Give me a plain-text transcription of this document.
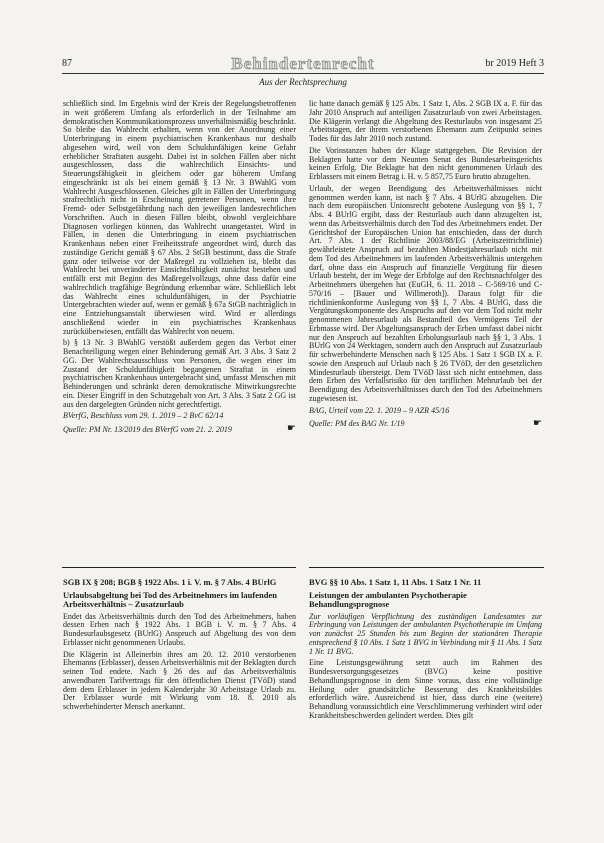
87	Behindertenrecht	br 2019 Heft 3
Aus der Rechtsprechung

schließlich sind. Im Ergebnis wird der Kreis der Regelungsbetroffenen in weit größerem Umfang als erforderlich in der Teilnahme am demokratischen Kommunikationsprozess unverhältnismäßig beschränkt. So bleibe das Wahlrecht erhalten, wenn von der Anordnung einer Unterbringung in einem psychiatrischen Krankenhaus nur deshalb abgesehen wird, weil von dem Schuldunfähigen keine Gefahr erheblicher Straftaten ausgeht. Dabei ist in solchen Fällen aber nicht ausgeschlossen, dass die wahlrechtlich Einsichts- und Steuerungsfähigkeit in gleichem oder gar höherem Umfang eingeschränkt ist als bei einem gemäß § 13 Nr. 3 BWahlG vom Wahlrecht Ausgeschlossenen. Gleiches gilt in Fällen der Unterbringung strafrechtlich nicht in Erscheinung getretener Personen, wenn ihre Fremd- oder Selbstgefährdung nach den jeweiligen landesrechtlichen Vorschriften. Auch in diesen Fällen bleibt, obwohl vergleichbare Diagnosen vorliegen können, das Wahlrecht unangetastet. Wird in Fällen, in denen die Unterbringung in einem psychiatrischen Krankenhaus neben einer Freiheitsstrafe angeordnet wird, durch das zuständige Gericht gemäß § 67 Abs. 2 StGB bestimmt, dass die Strafe ganz oder teilweise vor der Maßregel zu vollziehen ist, bleibt das Wahlrecht bei unveränderter Einsichtsfähigkeit zunächst bestehen und entfällt erst mit Beginn des Maßregelvollzugs, ohne dass dafür eine wahlrechtlich tragfähige Begründung erkennbar wäre. Schließlich lebt das Wahlrecht eines schuldunfähigen, in der Psychiatrie Untergebrachten wieder auf, wenn er gemäß § 67a StGB nachträglich in eine Entziehungsanstalt überwiesen wird. Wird er allerdings anschließend wieder in ein psychiatrisches Krankenhaus zurücküberwiesen, entfällt das Wahlrecht von neuem.

b) § 13 Nr. 3 BWahlG verstößt außerdem gegen das Verbot einer Benachteiligung wegen einer Behinderung gemäß Art. 3 Abs. 3 Satz 2 GG. Der Wahlrechtsausschluss von Personen, die wegen einer im Zustand der Schuldunfähigkeit begangenen Straftat in einem psychiatrischen Krankenhaus untergebracht sind, umfasst Menschen mit Behinderungen und schränkt deren demokratische Mitwirkungsrechte ein. Dieser Eingriff in den Schutzgehalt von Art. 3 Abs. 3 Satz 2 GG ist aus den dargelegten Gründen nicht gerechtfertigt.

BVerfG, Beschluss vom 29. 1. 2019 – 2 BvC 62/14

Quelle: PM Nr. 13/2019 des BVerfG vom 21. 2. 2019	☛

lic hatte danach gemäß § 125 Abs. 1 Satz 1, Abs. 2 SGB IX a. F. für das Jahr 2010 Anspruch auf anteiligen Zusatzurlaub von zwei Arbeitstagen. Die Klägerin verlangt die Abgeltung des Resturlaubs von insgesamt 25 Arbeitstagen, der ihrem verstorbenen Ehemann zum Zeitpunkt seines Todes für das Jahr 2010 noch zustand.

Die Vorinstanzen haben der Klage stattgegeben. Die Revision der Beklagten hatte vor dem Neunten Senat des Bundesarbeitsgerichts keinen Erfolg. Die Beklagte hat den nicht genommenen Urlaub des Erblassers mit einem Betrag i. H. v. 5 857,75 Euro brutto abzugelten.

Urlaub, der wegen Beendigung des Arbeitsverhältnisses nicht genommen werden kann, ist nach § 7 Abs. 4 BUrlG abzugelten. Die nach dem europäischen Unionsrecht gebotene Auslegung von §§ 1, 7 Abs. 4 BUrlG ergibt, dass der Resturlaub auch dann abzugelten ist, wenn das Arbeitsverhältnis durch den Tod des Arbeitnehmers endet. Der Gerichtshof der Europäischen Union hat entschieden, dass der durch Art. 7 Abs. 1 der Richtlinie 2003/88/EG (Arbeitszeitrichtlinie) gewährleistete Anspruch auf bezahlten Mindestjahresurlaub nicht mit dem Tod des Arbeitnehmers im laufenden Arbeitsverhältnis untergehen darf, ohne dass ein Anspruch auf finanzielle Vergütung für diesen Urlaub besteht, der im Wege der Erbfolge auf den Rechtsnachfolger des Arbeitnehmers übergehen hat (EuGH, 6. 11. 2018 – C-569/16 und C-570/16 – [Bauer und Willmeroth]). Daraus folgt für die richtlinienkonforme Auslegung von §§ 1, 7 Abs. 4 BUrlG, dass die Vergütungskomponente des Anspruchs auf den vor dem Tod nicht mehr genommenen Jahresurlaub als Bestandteil des Vermögens Teil der Erbmasse wird. Der Abgeltungsanspruch der Erben umfasst dabei nicht nur den Anspruch auf bezahlten Erholungsurlaub nach §§ 1, 3 Abs. 1 BUrlG von 24 Werktagen, sondern auch den Anspruch auf Zusatzurlaub für schwerbehinderte Menschen nach § 125 Abs. 1 Satz 1 SGB IX a. F. sowie den Anspruch auf Urlaub nach § 26 TVöD, der den gesetzlichen Mindesturlaub übersteigt. Dem TVöD lässt sich nicht entnehmen, dass dem Erben des Verfallsrisiko für den tariflichen Mehrurlaub bei der Beendigung des Arbeitsverhältnisses durch den Tod des Arbeitnehmers zugewiesen ist.

BAG, Urteil vom 22. 1. 2019 – 9 AZR 45/16

Quelle: PM des BAG Nr. 1/19	☛
SGB IX § 208; BGB § 1922 Abs. 1 i. V. m. § 7 Abs. 4 BUrlG
Urlaubsabgeltung bei Tod des Arbeitnehmers im laufenden Arbeitsverhältnis – Zusatzurlaub

Endet das Arbeitsverhältnis durch den Tod des Arbeitnehmers, haben dessen Erben nach § 1922 Abs. 1 BGB i. V. m. § 7 Abs. 4 Bundesurlaubsgesetz (BUrlG) Anspruch auf Abgeltung des von dem Erblasser nicht genommenen Urlaubs.

Die Klägerin ist Alleinerbin ihres am 20. 12. 2010 verstorbenen Ehemanns (Erblasser), dessen Arbeitsverhältnis mit der Beklagten durch seinen Tod endete. Nach § 26 des auf das Arbeitsverhältnis anwendbaren Tarifvertrags für den öffentlichen Dienst (TVöD) stand dem dem Erblasser in jedem Kalenderjahr 30 Arbeitstage Urlaub zu. Der Erblasser wurde mit Wirkung vom 18. 8. 2010 als schwerbehinderter Mensch anerkannt.

BVG §§ 10 Abs. 1 Satz 1, 11 Abs. 1 Satz 1 Nr. 11
Leistungen der ambulanten Psychotherapie Behandlungsprognose

Zur vorläufigen Verpflichtung des zuständigen Landesamtes zur Erbringung von Leistungen der ambulanten Psychotherapie im Umfang von zunächst 25 Stunden bis zum Beginn der stationären Therapie entsprechend § 10 Abs. 1 Satz 1 BVG in Verbindung mit § 11 Abs. 1 Satz 1 Nr. 11 BVG.

Eine Leistungsgewährung setzt auch im Rahmen des Bundesversorgungsgesetzes (BVG) keine positive Behandlungsprognose in dem Sinne voraus, dass eine vollständige Heilung oder grundsätzliche Besserung des Krankheitsbildes erforderlich wäre. Ausreichend ist hier, dass durch eine (weitere) Behandlung voraussichtlich eine Verschlimmerung verhindert wird oder Krankheitsbeschwerden gelindert werden. Dies gilt
